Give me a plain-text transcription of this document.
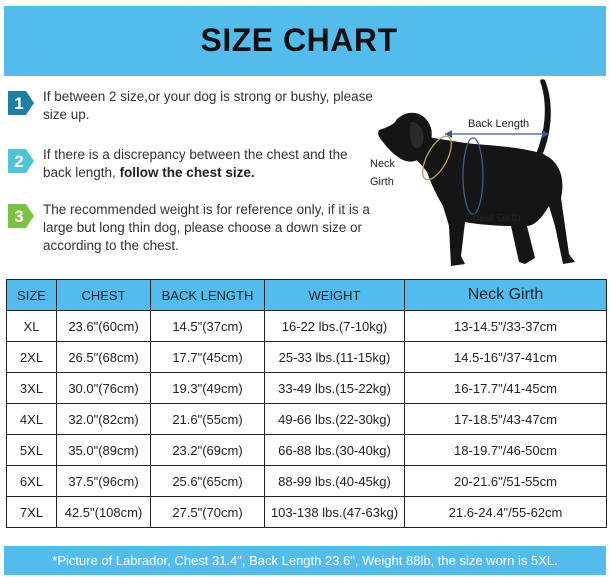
SIZE CHART
1 If between 2 size,or your dog is strong or bushy, please size up.
2 If there is a discrepancy between the chest and the back length, follow the chest size.
3 The recommended weight is for reference only, if it is a large but long thin dog, please choose a down size or according to the chest.
Back Length
Neck
Girth
Chest Girth
SIZE	CHEST	BACK LENGTH	WEIGHT	Neck Girth
XL	23.6"(60cm)	14.5"(37cm)	16-22 lbs.(7-10kg)	13-14.5"/33-37cm
2XL	26.5"(68cm)	17.7"(45cm)	25-33 lbs.(11-15kg)	14.5-16"/37-41cm
3XL	30.0"(76cm)	19.3"(49cm)	33-49 lbs.(15-22kg)	16-17.7"/41-45cm
4XL	32.0"(82cm)	21.6"(55cm)	49-66 lbs.(22-30kg)	17-18.5"/43-47cm
5XL	35.0"(89cm)	23.2"(69cm)	66-88 lbs.(30-40kg)	18-19.7"/46-50cm
6XL	37.5"(96cm)	25.6"(65cm)	88-99 lbs.(40-45kg)	20-21.6"/51-55cm
7XL	42.5"(108cm)	27.5"(70cm)	103-138 lbs.(47-63kg)	21.6-24.4"/55-62cm
*Picture of Labrador, Chest 31.4", Back Length 23.6", Weight 88lb, the size worn is 5XL.
